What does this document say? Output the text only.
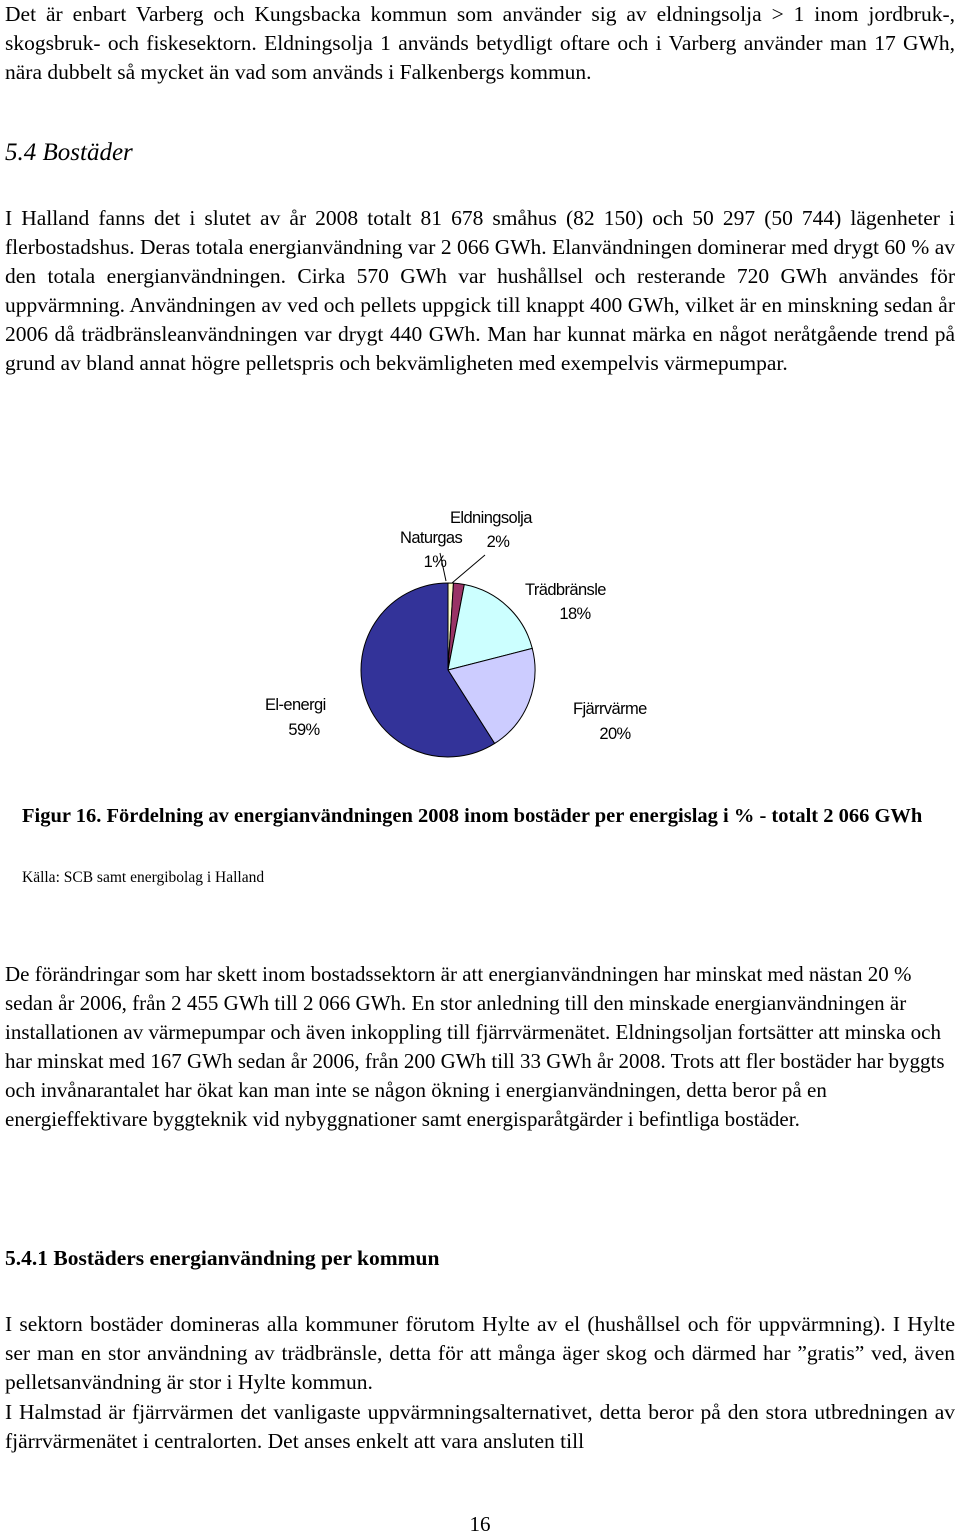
Det är enbart Varberg och Kungsbacka kommun som använder sig av eldningsolja > 1 inom jordbruk-, skogsbruk- och fiskesektorn. Eldningsolja 1 används betydligt oftare och i Varberg använder man 17 GWh, nära dubbelt så mycket än vad som används i Falkenbergs kommun.

5.4 Bostäder

I Halland fanns det i slutet av år 2008 totalt 81 678 småhus (82 150) och 50 297 (50 744) lägenheter i flerbostadshus. Deras totala energianvändning var 2 066 GWh. Elanvändningen dominerar med drygt 60 % av den totala energianvändningen. Cirka 570 GWh var hushållsel och resterande 720 GWh användes för uppvärmning. Användningen av ved och pellets uppgick till knappt 400 GWh, vilket är en minskning sedan år 2006 då trädbränsleanvändningen var drygt 440 GWh. Man har kunnat märka en något neråtgående trend på grund av bland annat högre pelletspris och bekvämligheten med exempelvis värmepumpar.

Naturgas
1%
Eldningsolja
2%
Trädbränsle
18%
Fjärrvärme
20%
El-energi
59%

Figur 16. Fördelning av energianvändningen 2008 inom bostäder per energislag i % - totalt 2 066 GWh

Källa: SCB samt energibolag i Halland

De förändringar som har skett inom bostadssektorn är att energianvändningen har minskat med nästan 20 % sedan år 2006, från 2 455 GWh till 2 066 GWh. En stor anledning till den minskade energianvändningen är installationen av värmepumpar och även inkoppling till fjärrvärmenätet. Eldningsoljan fortsätter att minska och har minskat med 167 GWh sedan år 2006, från 200 GWh till 33 GWh år 2008. Trots att fler bostäder har byggts och invånarantalet har ökat kan man inte se någon ökning i energianvändningen, detta beror på en energieffektivare byggteknik vid nybyggnationer samt energisparåtgärder i befintliga bostäder.

5.4.1 Bostäders energianvändning per kommun

I sektorn bostäder domineras alla kommuner förutom Hylte av el (hushållsel och för uppvärmning). I Hylte ser man en stor användning av trädbränsle, detta för att många äger skog och därmed har ”gratis” ved, även pelletsanvändning är stor i Hylte kommun.

I Halmstad är fjärrvärmen det vanligaste uppvärmningsalternativet, detta beror på den stora utbredningen av fjärrvärmenätet i centralorten. Det anses enkelt att vara ansluten till

16
